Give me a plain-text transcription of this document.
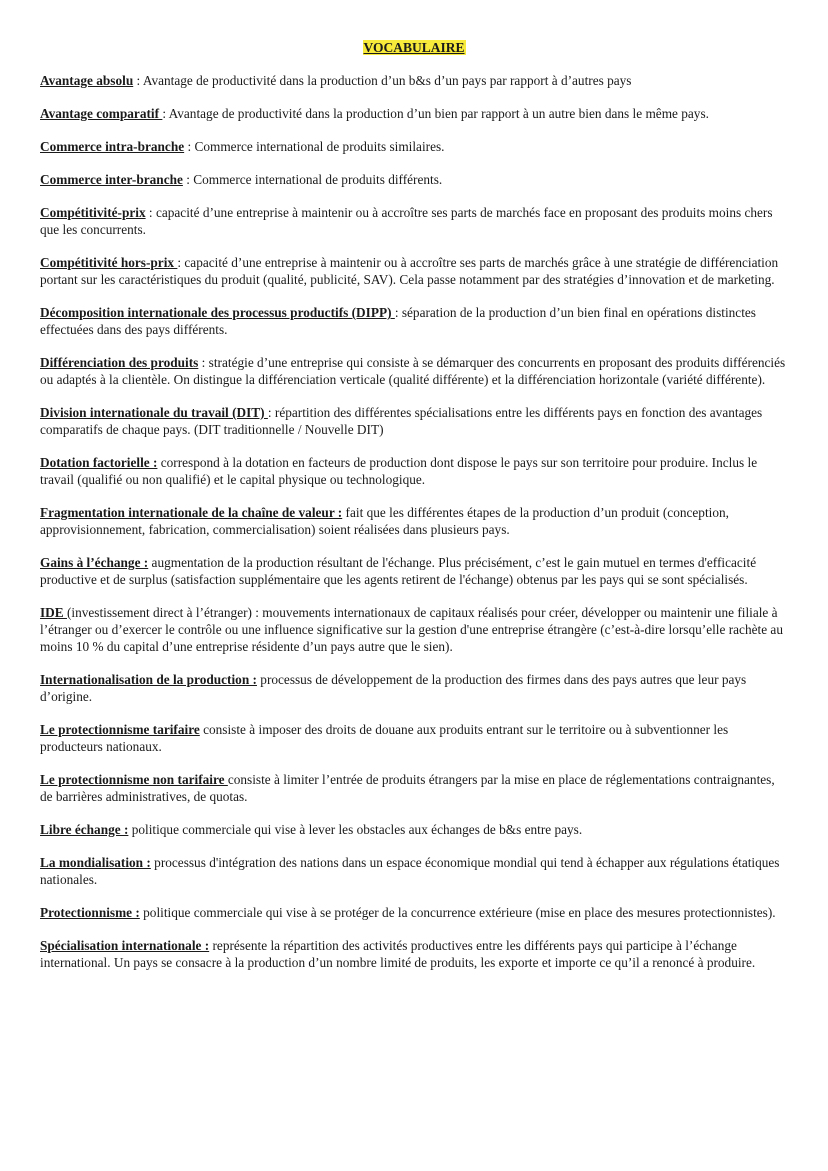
VOCABULAIRE

Avantage absolu : Avantage de productivité dans la production d’un b&s d’un pays par rapport à d’autres pays

Avantage comparatif : Avantage de productivité dans la production d’un bien par rapport à un autre bien dans le même pays.

Commerce intra-branche : Commerce international de produits similaires.

Commerce inter-branche : Commerce international de produits différents.

Compétitivité-prix : capacité d’une entreprise à maintenir ou à accroître ses parts de marchés face en proposant des produits moins chers que les concurrents.

Compétitivité hors-prix : capacité d’une entreprise à maintenir ou à accroître ses parts de marchés grâce à une stratégie de différenciation portant sur les caractéristiques du produit (qualité, publicité, SAV). Cela passe notamment par des stratégies d’innovation et de marketing.

Décomposition internationale des processus productifs (DIPP) : séparation de la production d’un bien final en opérations distinctes effectuées dans des pays différents.

Différenciation des produits : stratégie d’une entreprise qui consiste à se démarquer des concurrents en proposant des produits différenciés ou adaptés à la clientèle. On distingue la différenciation verticale (qualité différente) et la différenciation horizontale (variété différente).

Division internationale du travail (DIT) : répartition des différentes spécialisations entre les différents pays en fonction des avantages comparatifs de chaque pays. (DIT traditionnelle / Nouvelle DIT)

Dotation factorielle : correspond à la dotation en facteurs de production dont dispose le pays sur son territoire pour produire. Inclus le travail (qualifié ou non qualifié) et le capital physique ou technologique.

Fragmentation internationale de la chaîne de valeur : fait que les différentes étapes de la production d’un produit (conception, approvisionnement, fabrication, commercialisation) soient réalisées dans plusieurs pays.

Gains à l’échange : augmentation de la production résultant de l'échange. Plus précisément, c’est le gain mutuel en termes d'efficacité productive et de surplus (satisfaction supplémentaire que les agents retirent de l'échange) obtenus par les pays qui se sont spécialisés.

IDE (investissement direct à l’étranger) : mouvements internationaux de capitaux réalisés pour créer, développer ou maintenir une filiale à l’étranger ou d’exercer le contrôle ou une influence significative sur la gestion d'une entreprise étrangère (c’est-à-dire lorsqu’elle rachète au moins 10 % du capital d’une entreprise résidente d’un pays autre que le sien).

Internationalisation de la production : processus de développement de la production des firmes dans des pays autres que leur pays d’origine.

Le protectionnisme tarifaire consiste à imposer des droits de douane aux produits entrant sur le territoire ou à subventionner les producteurs nationaux.

Le protectionnisme non tarifaire consiste à limiter l’entrée de produits étrangers par la mise en place de réglementations contraignantes, de barrières administratives, de quotas.

Libre échange : politique commerciale qui vise à lever les obstacles aux échanges de b&s entre pays.

La mondialisation : processus d'intégration des nations dans un espace économique mondial qui tend à échapper aux régulations étatiques nationales.

Protectionnisme : politique commerciale qui vise à se protéger de la concurrence extérieure (mise en place des mesures protectionnistes).

Spécialisation internationale : représente la répartition des activités productives entre les différents pays qui participe à l’échange international. Un pays se consacre à la production d’un nombre limité de produits, les exporte et importe ce qu’il a renoncé à produire.
